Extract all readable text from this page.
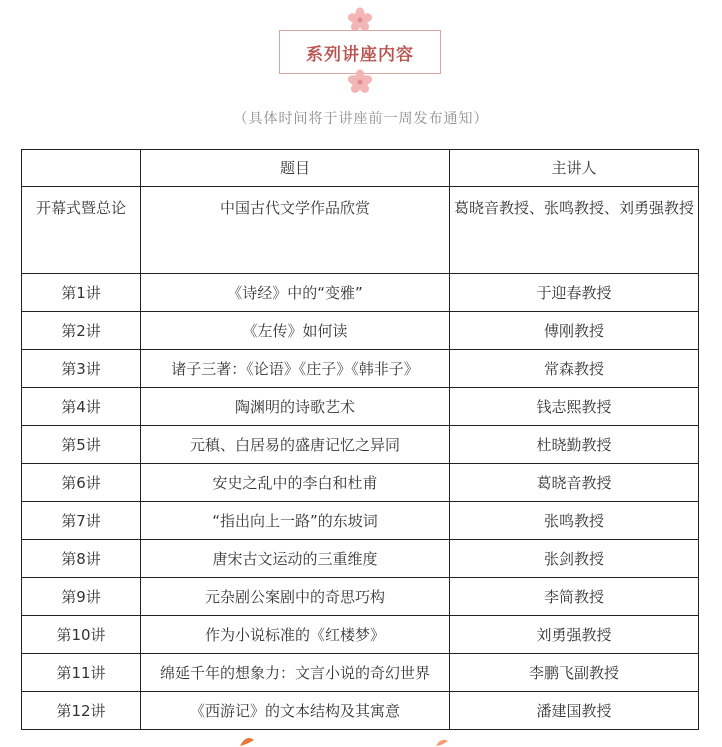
系列讲座内容
（具体时间将于讲座前一周发布通知）
	题目	主讲人
开幕式暨总论	中国古代文学作品欣赏	葛晓音教授、张鸣教授、刘勇强教授
第1讲	《诗经》中的“变雅”	于迎春教授
第2讲	《左传》如何读	傅刚教授
第3讲	诸子三著：《论语》《庄子》《韩非子》	常森教授
第4讲	陶渊明的诗歌艺术	钱志熙教授
第5讲	元稹、白居易的盛唐记忆之异同	杜晓勤教授
第6讲	安史之乱中的李白和杜甫	葛晓音教授
第7讲	“指出向上一路”的东坡词	张鸣教授
第8讲	唐宋古文运动的三重维度	张剑教授
第9讲	元杂剧公案剧中的奇思巧构	李简教授
第10讲	作为小说标准的《红楼梦》	刘勇强教授
第11讲	绵延千年的想象力：文言小说的奇幻世界	李鹏飞副教授
第12讲	《西游记》的文本结构及其寓意	潘建国教授
